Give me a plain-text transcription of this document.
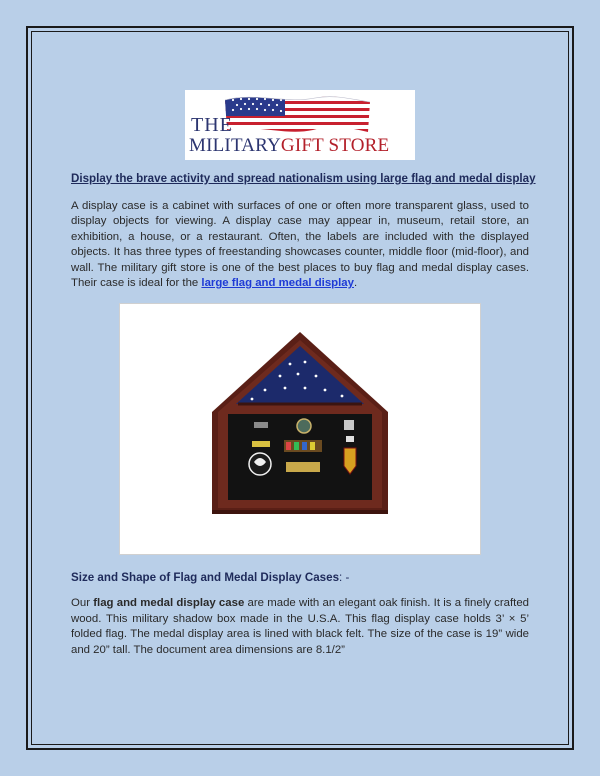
THE
MILITARYGIFT STORE
Display the brave activity and spread nationalism using large flag and medal display
A display case is a cabinet with surfaces of one or often more transparent glass, used to display objects for viewing. A display case may appear in, museum, retail store, an exhibition, a house, or a restaurant. Often, the labels are included with the displayed objects. It has three types of freestanding showcases counter, middle floor (mid-floor), and wall. The military gift store is one of the best places to buy flag and medal display cases. Their case is ideal for the large flag and medal display.
Size and Shape of Flag and Medal Display Cases: -
Our flag and medal display case are made with an elegant oak finish. It is a finely crafted wood. This military shadow box made in the U.S.A. This flag display case holds 3’ × 5’ folded flag. The medal display area is lined with black felt. The size of the case is 19” wide and 20” tall. The document area dimensions are 8.1/2”
